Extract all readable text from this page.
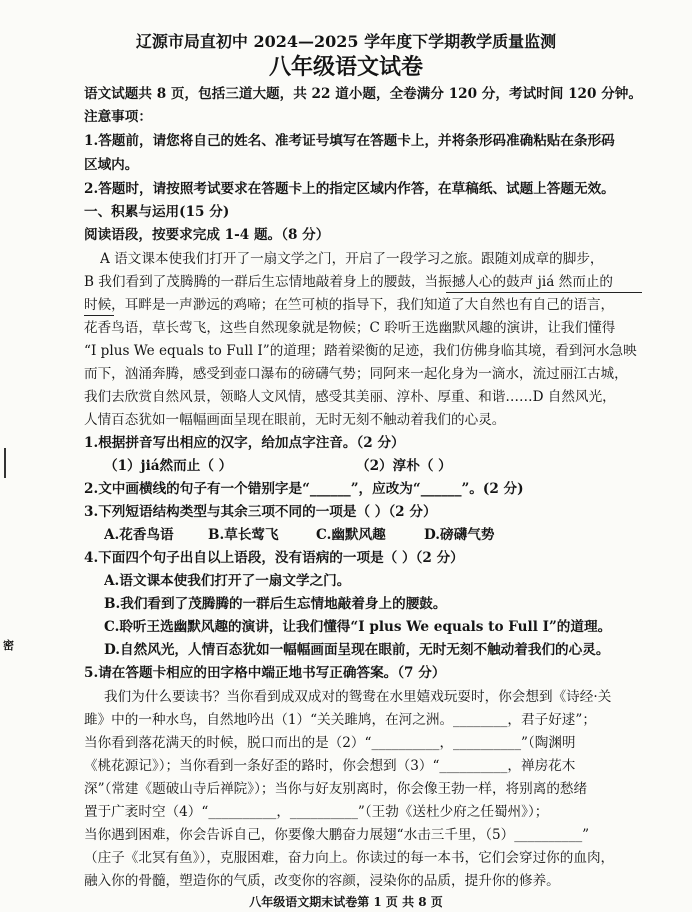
密
辽源市局直初中 2024—2025 学年度下学期教学质量监测
八年级语文试卷
语文试题共 8 页，包括三道大题，共 22 道小题，全卷满分 120 分，考试时间 120 分钟。
注意事项：
1.答题前，请您将自己的姓名、准考证号填写在答题卡上，并将条形码准确粘贴在条形码
区域内。
2.答题时，请按照考试要求在答题卡上的指定区域内作答，在草稿纸、试题上答题无效。
一、积累与运用(15 分)
阅读语段，按要求完成 1-4 题。（8 分）
A 语文课本使我们打开了一扇文学之门，开启了一段学习之旅。跟随刘成章的脚步，
B 我们看到了茂腾腾的一群后生忘情地敲着身上的腰鼓，当振撼人心的鼓声 jiá 然而止的
时候，耳畔是一声渺远的鸡啼；在竺可桢的指导下，我们知道了大自然也有自己的语言，
花香鸟语，草长莺飞，这些自然现象就是物候；C 聆听王选幽默风趣的演讲，让我们懂得
“I plus We equals to Full I”的道理；踏着梁衡的足迹，我们仿佛身临其境，看到河水急映
而下，汹涌奔腾，感受到壶口瀑布的磅礴气势；同阿来一起化身为一滴水，流过丽江古城，
我们去欣赏自然风景，领略人文风情，感受其美丽、淳朴、厚重、和谐……D 自然风光，
人情百态犹如一幅幅画面呈现在眼前，无时无刻不触动着我们的心灵。
1.根据拼音写出相应的汉字，给加点字注音。（2 分）
（1）jiá然而止（ ）	（2）淳朴（ ）
2.文中画横线的句子有一个错别字是“______”，应改为“______”。(2 分)
3.下列短语结构类型与其余三项不同的一项是（ ）（2 分）
A.花香鸟语	B.草长莺飞	C.幽默风趣	D.磅礴气势
4.下面四个句子出自以上语段，没有语病的一项是（ ）（2 分）
A.语文课本使我们打开了一扇文学之门。
B.我们看到了茂腾腾的一群后生忘情地敲着身上的腰鼓。
C.聆听王选幽默风趣的演讲，让我们懂得“I plus We equals to Full I”的道理。
D.自然风光，人情百态犹如一幅幅画面呈现在眼前，无时无刻不触动着我们的心灵。
5.请在答题卡相应的田字格中端正地书写正确答案。（7 分）
我们为什么要读书？当你看到成双成对的鸳鸯在水里嬉戏玩耍时，你会想到《诗经·关
雎》中的一种水鸟，自然地吟出（1）“关关雎鸠，在河之洲。________，君子好逑”；
当你看到落花满天的时候，脱口而出的是（2）“__________，__________”（陶渊明
《桃花源记》）；当你看到一条好歪的路时，你会想到（3）“__________，禅房花木
深”（常建《题破山寺后禅院》）；当你与好友别离时，你会像王勃一样，将别离的愁绪
置于广袤时空（4）“__________，__________”（王勃《送杜少府之任蜀州》）；
当你遇到困难，你会告诉自己，你要像大鹏奋力展翅“水击三千里，（5）__________”
（庄子《北冥有鱼》），克服困难，奋力向上。你读过的每一本书，它们会穿过你的血肉，
融入你的骨髓，塑造你的气质，改变你的容颜，浸染你的品质，提升你的修养。
八年级语文期末试卷第 1 页 共 8 页
